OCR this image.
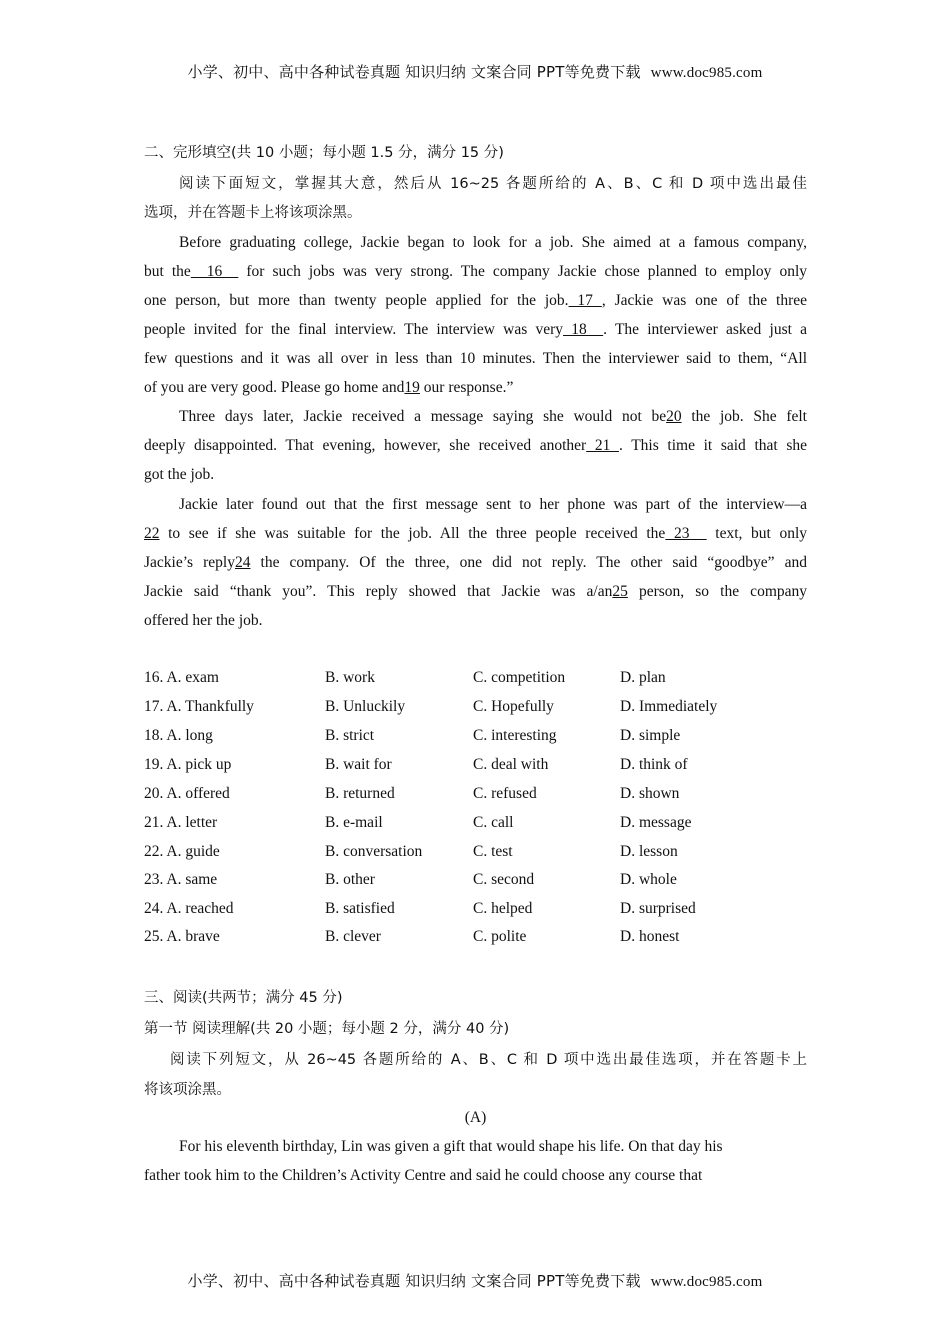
小学、初中、高中各种试卷真题 知识归纳 文案合同 PPT等免费下载 www.doc985.com
二、完形填空(共 10 小题；每小题 1.5 分，满分 15 分)
阅读下面短文，掌握其大意，然后从 16~25 各题所给的 A、B、C 和 D 项中选出最佳
选项，并在答题卡上将该项涂黑。
Before graduating college, Jackie began to look for a job. She aimed at a famous company,
but the  16   for such jobs was very strong. The company Jackie chose planned to employ only
one person, but more than twenty people applied for the job. 17 , Jackie was one of the three
people invited for the final interview. The interview was very 18  . The interviewer asked just a
few questions and it was all over in less than 10 minutes. Then the interviewer said to them, “All
of you are very good. Please go home and19 our response.”
Three days later, Jackie received a message saying she would not be20 the job. She felt
deeply disappointed. That evening, however, she received another 21 . This time it said that she
got the job.
Jackie later found out that the first message sent to her phone was part of the interview—a
22 to see if she was suitable for the job. All the three people received the 23   text, but only
Jackie’s reply24 the company. Of the three, one did not reply. The other said “goodbye” and
Jackie said “thank you”. This reply showed that Jackie was a/an25 person, so the company
offered her the job.
16. A. exam	B. work	C. competition	D. plan
17. A. Thankfully	B. Unluckily	C. Hopefully	D. Immediately
18. A. long	B. strict	C. interesting	D. simple
19. A. pick up	B. wait for	C. deal with	D. think of
20. A. offered	B. returned	C. refused	D. shown
21. A. letter	B. e-mail	C. call	D. message
22. A. guide	B. conversation	C. test	D. lesson
23. A. same	B. other	C. second	D. whole
24. A. reached	B. satisfied	C. helped	D. surprised
25. A. brave	B. clever	C. polite	D. honest
三、阅读(共两节；满分 45 分)
第一节 阅读理解(共 20 小题；每小题 2 分，满分 40 分)
阅读下列短文，从 26~45 各题所给的 A、B、C 和 D 项中选出最佳选项，并在答题卡上
将该项涂黑。
(A)
For his eleventh birthday, Lin was given a gift that would shape his life. On that day his
father took him to the Children’s Activity Centre and said he could choose any course that
小学、初中、高中各种试卷真题 知识归纳 文案合同 PPT等免费下载 www.doc985.com
